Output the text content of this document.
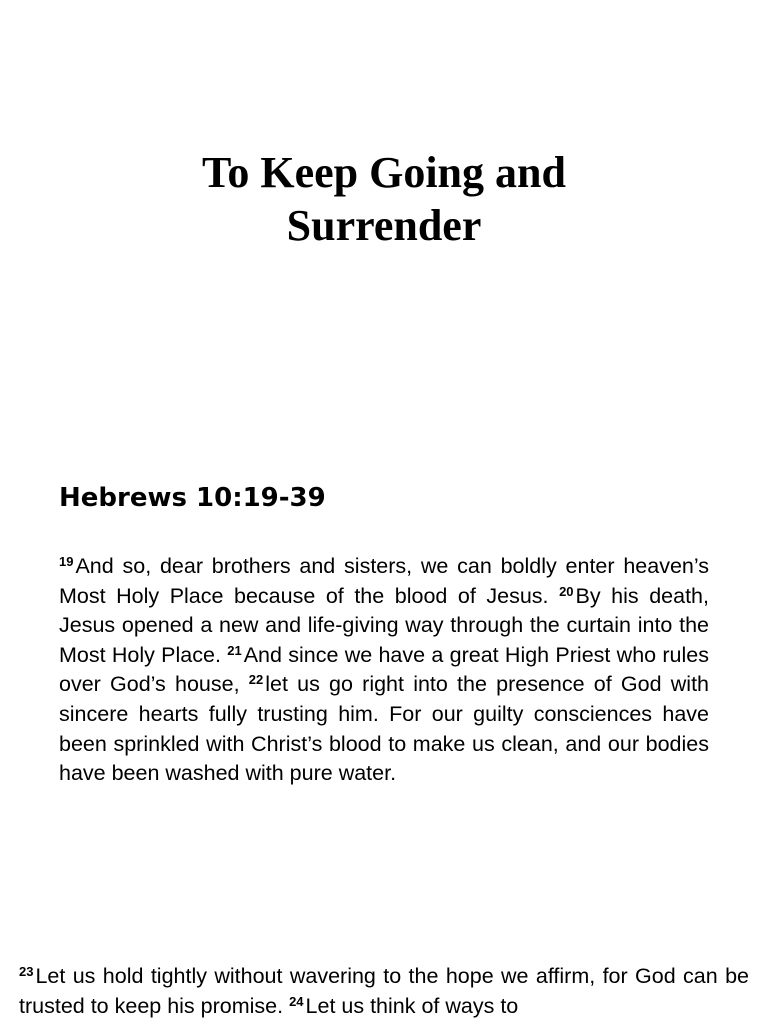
To Keep Going and
Surrender
Hebrews 10:19-39

$^{19}$And so, dear brothers and sisters, we can boldly enter heaven’s Most Holy Place because of the blood of Jesus. $^{20}$By his death, Jesus opened a new and life-giving way through the curtain into the Most Holy Place. $^{21}$And since we have a great High Priest who rules over God’s house, $^{22}$let us go right into the presence of God with sincere hearts fully trusting him. For our guilty consciences have been sprinkled with Christ’s blood to make us clean, and our bodies have been washed with pure water.

$^{23}$Let us hold tightly without wavering to the hope we affirm, for God can be trusted to keep his promise. $^{24}$Let us think of ways to
